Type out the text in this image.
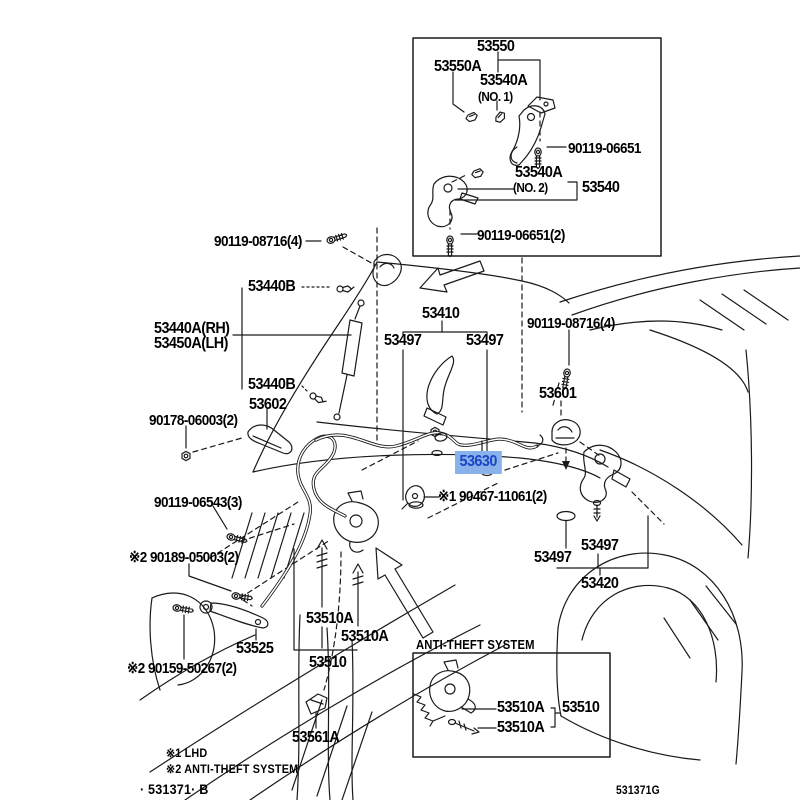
53550
53550A
53540A
(NO. 1)
90119-06651
53540A
(NO. 2) 53540
90119-06651(2)
90119-08716(4)
53440B
53440A(RH)
53450A(LH)
53440B
53602
90178-06003(2)
53410
53497	53497
90119-08716(4)
53601
53630
※1 90467-11061(2)
90119-06543(3)
※2 90189-05003(2)
53525
※2 90159-50267(2)
53510A
53510A
53510
53561A
53497
53497
53420
ANTI-THEFT SYSTEM
53510A
53510A
53510
※1 LHD
※2 ANTI-THEFT SYSTEM
· 531371· B	531371G
